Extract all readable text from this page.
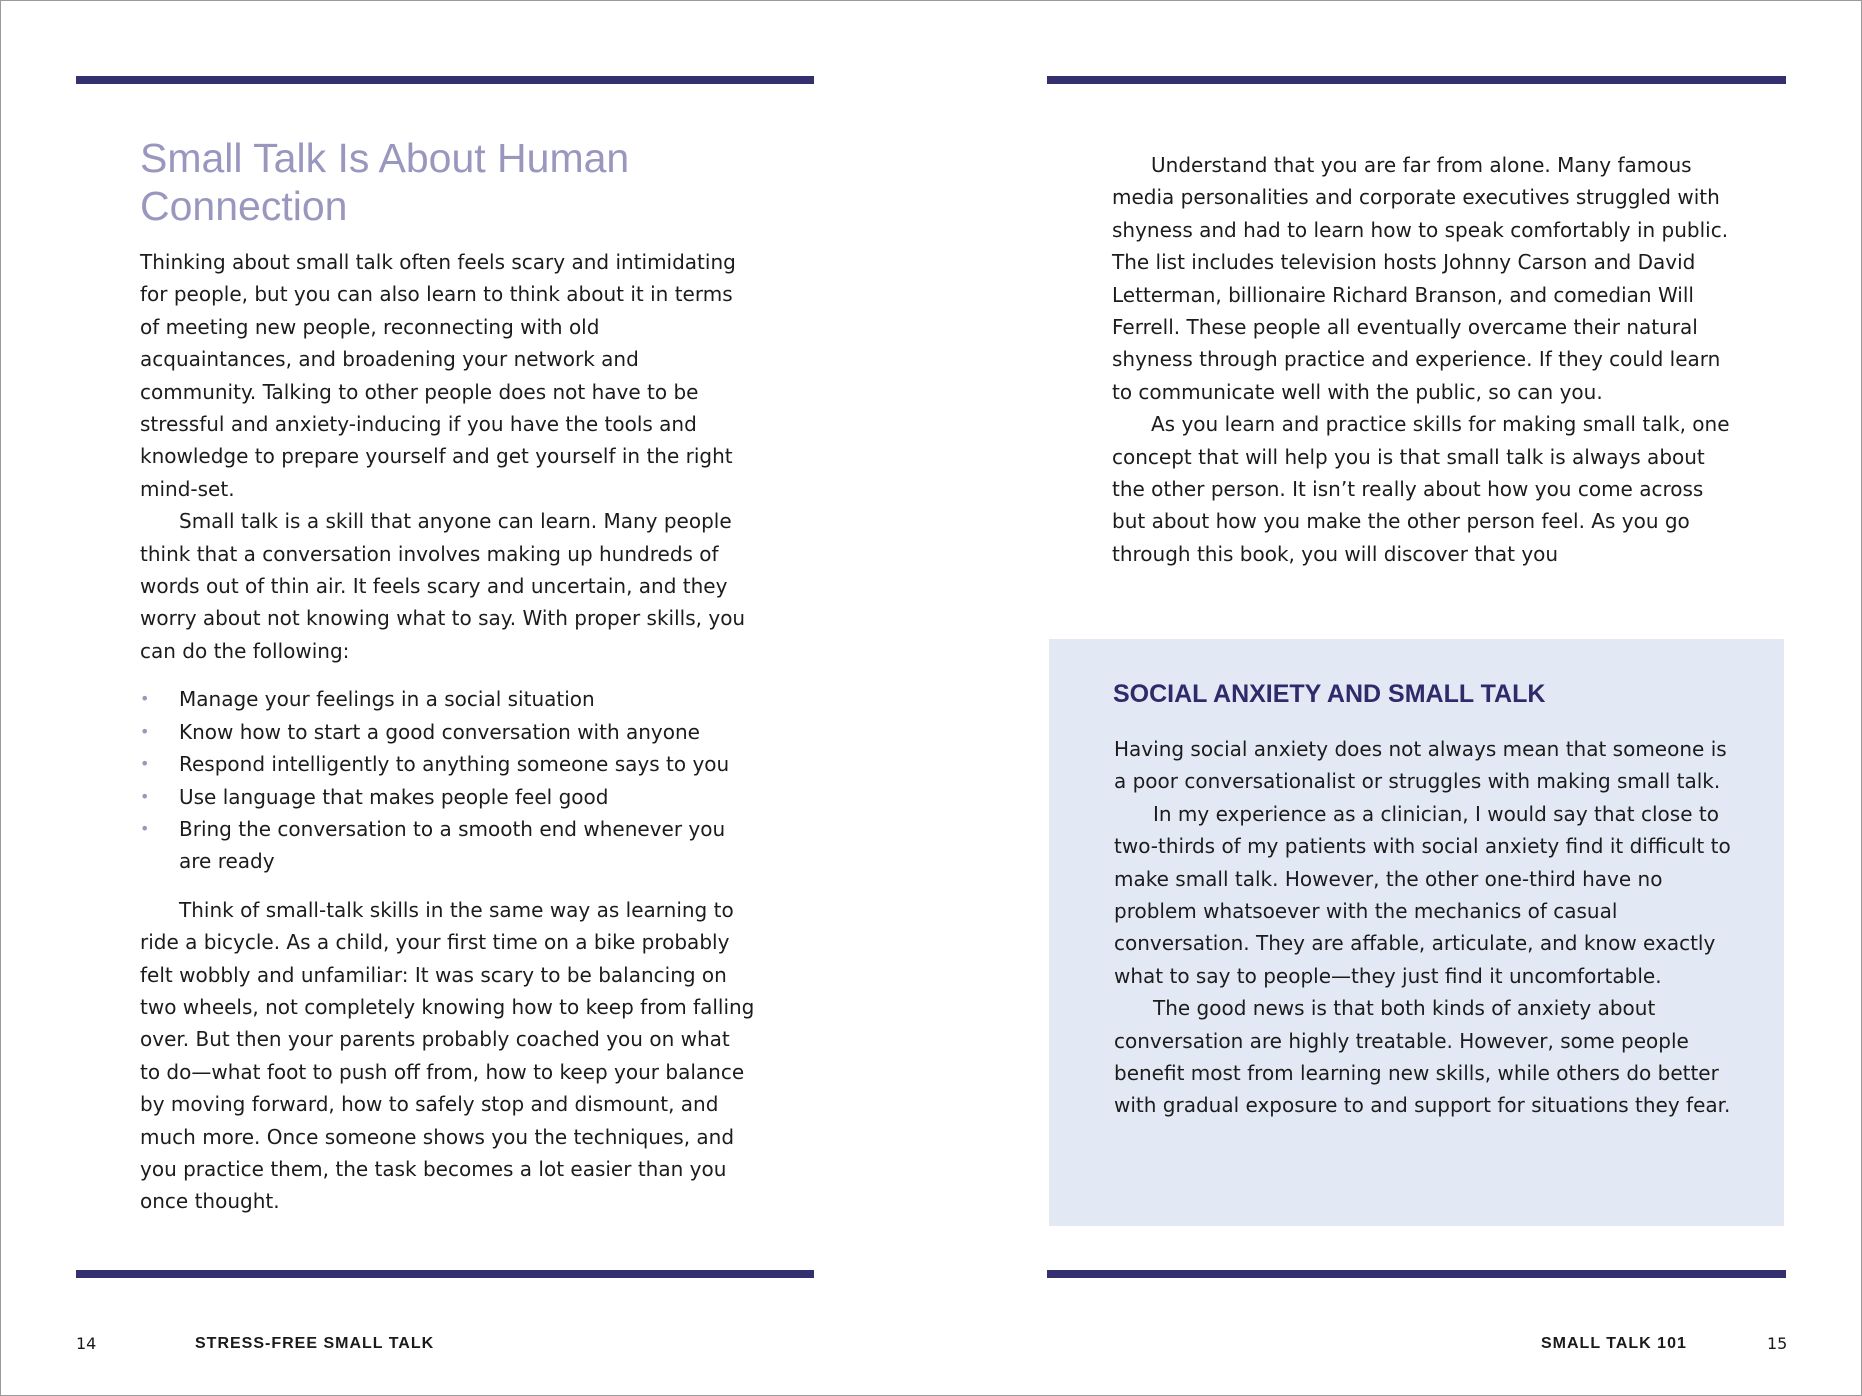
Small Talk Is About Human Connection

Thinking about small talk often feels scary and intimidating for people, but you can also learn to think about it in terms of meeting new people, reconnecting with old acquaintances, and broadening your network and community. Talking to other people does not have to be stressful and anxiety-inducing if you have the tools and knowledge to prepare yourself and get yourself in the right mind-set.

Small talk is a skill that anyone can learn. Many people think that a conversation involves making up hundreds of words out of thin air. It feels scary and uncertain, and they worry about not knowing what to say. With proper skills, you can do the following:

• Manage your feelings in a social situation
• Know how to start a good conversation with anyone
• Respond intelligently to anything someone says to you
• Use language that makes people feel good
• Bring the conversation to a smooth end whenever you are ready

Think of small-talk skills in the same way as learning to ride a bicycle. As a child, your first time on a bike probably felt wobbly and unfamiliar: It was scary to be balancing on two wheels, not completely knowing how to keep from falling over. But then your parents probably coached you on what to do—what foot to push off from, how to keep your balance by moving forward, how to safely stop and dismount, and much more. Once someone shows you the techniques, and you practice them, the task becomes a lot easier than you once thought.

14	STRESS-FREE SMALL TALK

Understand that you are far from alone. Many famous media personalities and corporate executives struggled with shyness and had to learn how to speak comfortably in public. The list includes television hosts Johnny Carson and David Letterman, billionaire Richard Branson, and comedian Will Ferrell. These people all eventually overcame their natural shyness through practice and experience. If they could learn to communicate well with the public, so can you.

As you learn and practice skills for making small talk, one concept that will help you is that small talk is always about the other person. It isn’t really about how you come across but about how you make the other person feel. As you go through this book, you will discover that you

SOCIAL ANXIETY AND SMALL TALK

Having social anxiety does not always mean that someone is a poor conversationalist or struggles with making small talk.

In my experience as a clinician, I would say that close to two-thirds of my patients with social anxiety find it difficult to make small talk. However, the other one-third have no problem whatsoever with the mechanics of casual conversation. They are affable, articulate, and know exactly what to say to people—they just find it uncomfortable.

The good news is that both kinds of anxiety about conversation are highly treatable. However, some people benefit most from learning new skills, while others do better with gradual exposure to and support for situations they fear.

SMALL TALK 101	15
